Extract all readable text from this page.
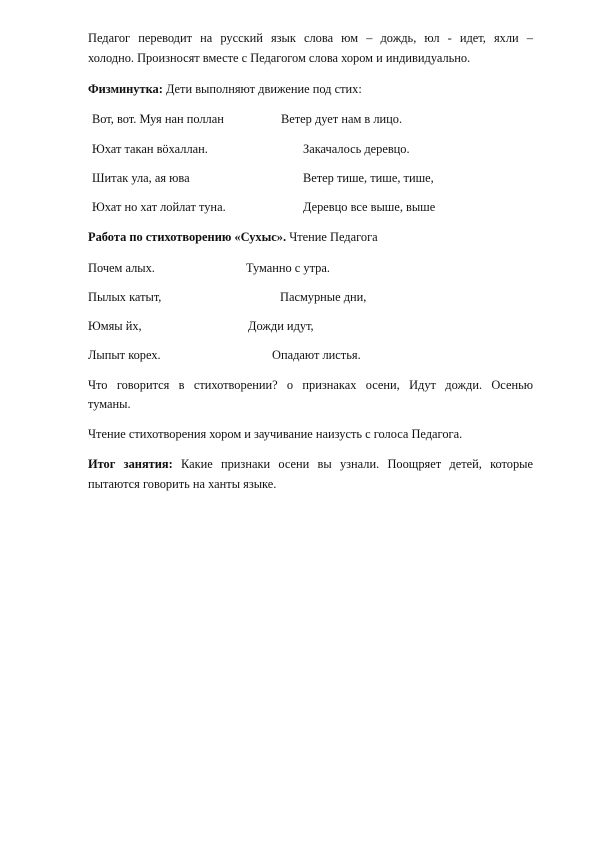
Педагог переводит на русский язык слова юм – дождь, юл - идет, яхли –
холодно. Произносят вместе с Педагогом слова хором и индивидуально.
Физминутка: Дети выполняют движение под стих:
Вот, вот. Муя нан поллан	Ветер дует нам в лицо.
Юхат такан вӧхаллан.	Закачалось деревцо.
Шитак ула, ая юва	Ветер тише, тише, тише,
Юхат но хат лойлат туна.	Деревцо все выше, выше
Работа по стихотворению «Сухыс». Чтение Педагога
Почем алых.	Туманно с утра.
Пылых катыт,	Пасмурные дни,
Юмяы йх,	Дожди идут,
Лыпыт корех.	Опадают листья.
Что говорится в стихотворении? о признаках осени, Идут дожди. Осенью
туманы.
Чтение стихотворения хором и заучивание наизусть с голоса Педагога.
Итог занятия: Какие признаки осени вы узнали. Поощряет детей, которые
пытаются говорить на ханты языке.
